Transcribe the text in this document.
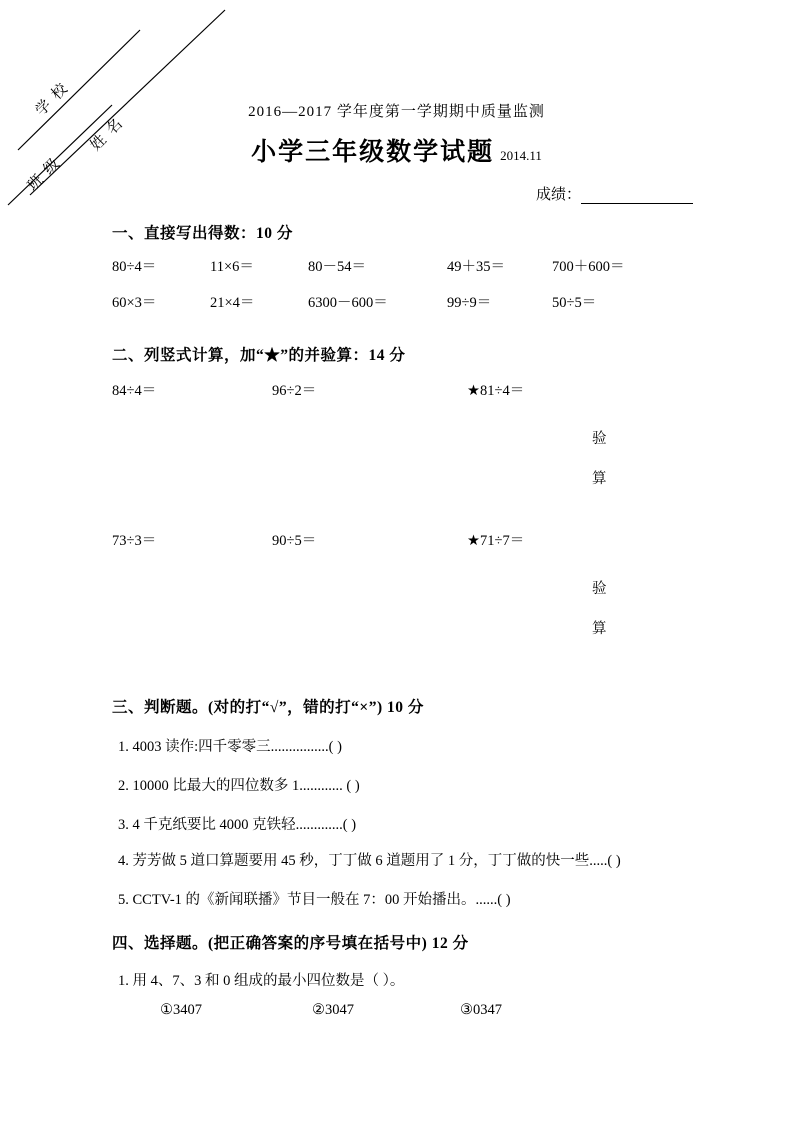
学 校
姓 名
班 级
2016—2017 学年度第一学期期中质量监测
小学三年级数学试题 2014.11
成绩：
一、直接写出得数：10 分
80÷4＝	11×6＝	80－54＝	49＋35＝	700＋600＝
60×3＝	21×4＝	6300－600＝	99÷9＝	50÷5＝
二、列竖式计算，加“★”的并验算：14 分
84÷4＝	96÷2＝	★81÷4＝
验
算
73÷3＝	90÷5＝	★71÷7＝
验
算
三、判断题。(对的打“√”，错的打“×”) 10 分
1. 4003 读作:四千零零三................( )
2. 10000 比最大的四位数多 1............ ( )
3. 4 千克纸要比 4000 克铁轻.............( )
4. 芳芳做 5 道口算题要用 45 秒，丁丁做 6 道题用了 1 分，丁丁做的快一些.....( )
5. CCTV-1 的《新闻联播》节目一般在 7：00 开始播出。......( )
四、选择题。(把正确答案的序号填在括号中) 12 分
1. 用 4、7、3 和 0 组成的最小四位数是（ ）。
①3407	②3047	③0347
